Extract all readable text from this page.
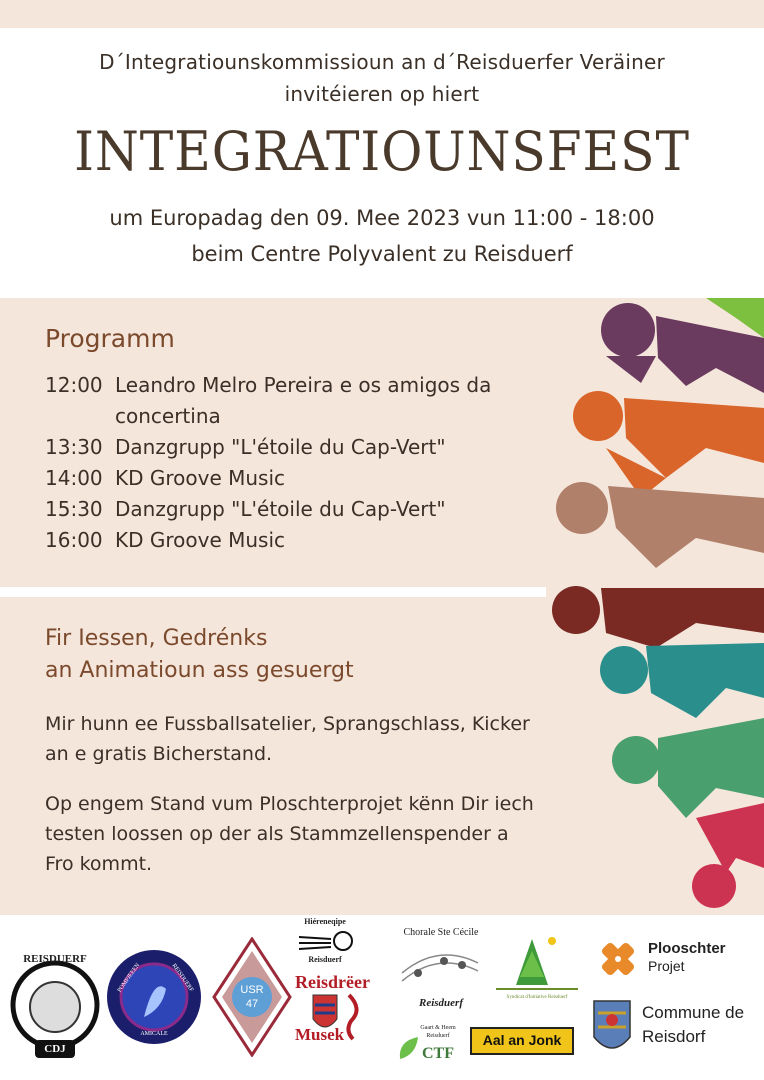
D´Integratiounskommissioun an d´Reisduerfer Veräiner
invitéieren op hiert
INTEGRATIOUNSFEST
um Europadag den 09. Mee 2023 vun 11:00 - 18:00
beim Centre Polyvalent zu Reisduerf
Programm
12:00 Leandro Melro Pereira e os amigos da concertina
13:30 Danzgrupp "L'étoile du Cap-Vert"
14:00 KD Groove Music
15:30 Danzgrupp "L'étoile du Cap-Vert"
16:00 KD Groove Music
Fir Iessen, Gedrénks
an Animatioun ass gesuergt
Mir hunn ee Fussballsatelier, Sprangschlass, Kicker an e gratis Bicherstand.
Op engem Stand vum Ploschterprojet kënn Dir iech testen loossen op der als Stammzellenspender a Fro kommt.
REISDUERF
CDJ
POMPJEEEN	REISDUERF
AMICALE
USR
47
Hiéreneqipe
Reisduerf
Reisdrëer
Musek
Chorale Ste Cécile
Reisduerf	Syndicat d'Initiative Reisduerf
Gaart & Heem
Reisduerf
CTF
Aal an Jonk
Plooschter
Projet
Commune de
Reisdorf
